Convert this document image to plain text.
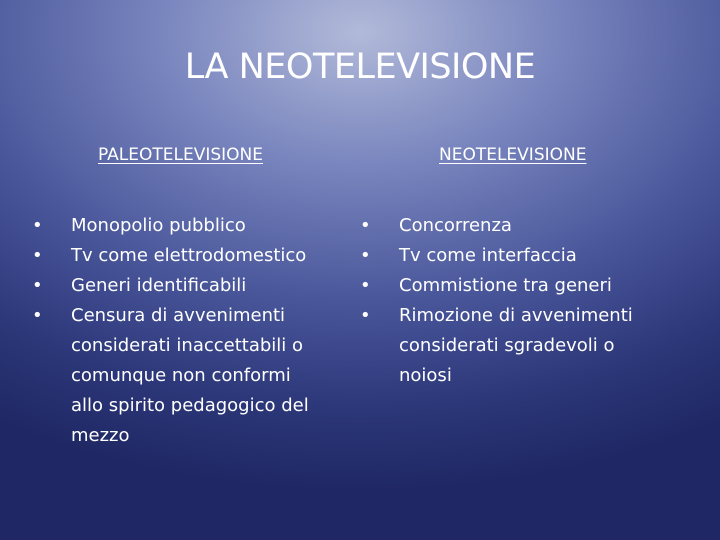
LA NEOTELEVISIONE
PALEOTELEVISIONE	NEOTELEVISIONE
• Monopolio pubblico
• Tv come elettrodomestico
• Generi identificabili
• Censura di avvenimenti
considerati inaccettabili o
comunque non conformi
allo spirito pedagogico del
mezzo
• Concorrenza
• Tv come interfaccia
• Commistione tra generi
• Rimozione di avvenimenti
considerati sgradevoli o
noiosi
